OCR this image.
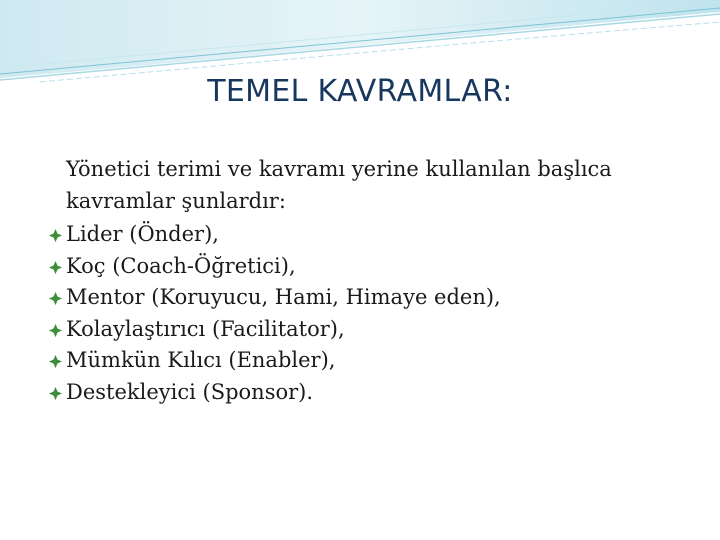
TEMEL KAVRAMLAR:

Yönetici terimi ve kavramı yerine kullanılan başlıca kavramlar şunlardır:

Lider (Önder),
Koç (Coach-Öğretici),
Mentor (Koruyucu, Hami, Himaye eden),
Kolaylaştırıcı (Facilitator),
Mümkün Kılıcı (Enabler),
Destekleyici (Sponsor).
